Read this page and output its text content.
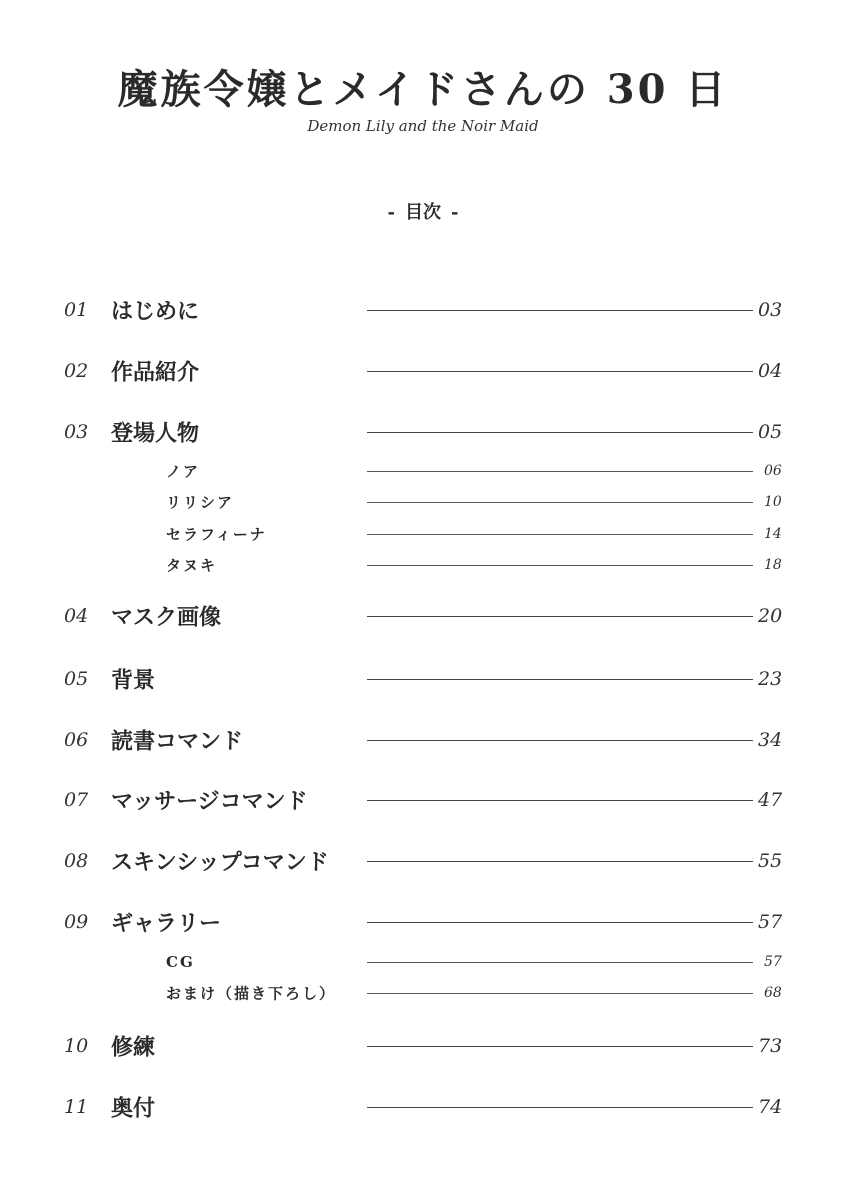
魔族令嬢とメイドさんの 30 日
Demon Lily and the Noir Maid
- 目次 -
01 はじめに	03
02 作品紹介	04
03 登場人物	05
ノア	06
リリシア	10
セラフィーナ	14
タヌキ	18
04 マスク画像	20
05 背景	23
06 読書コマンド	34
07 マッサージコマンド	47
08 スキンシップコマンド	55
09 ギャラリー	57
CG	57
おまけ（描き下ろし）	68
10 修練	73
11 奥付	74
